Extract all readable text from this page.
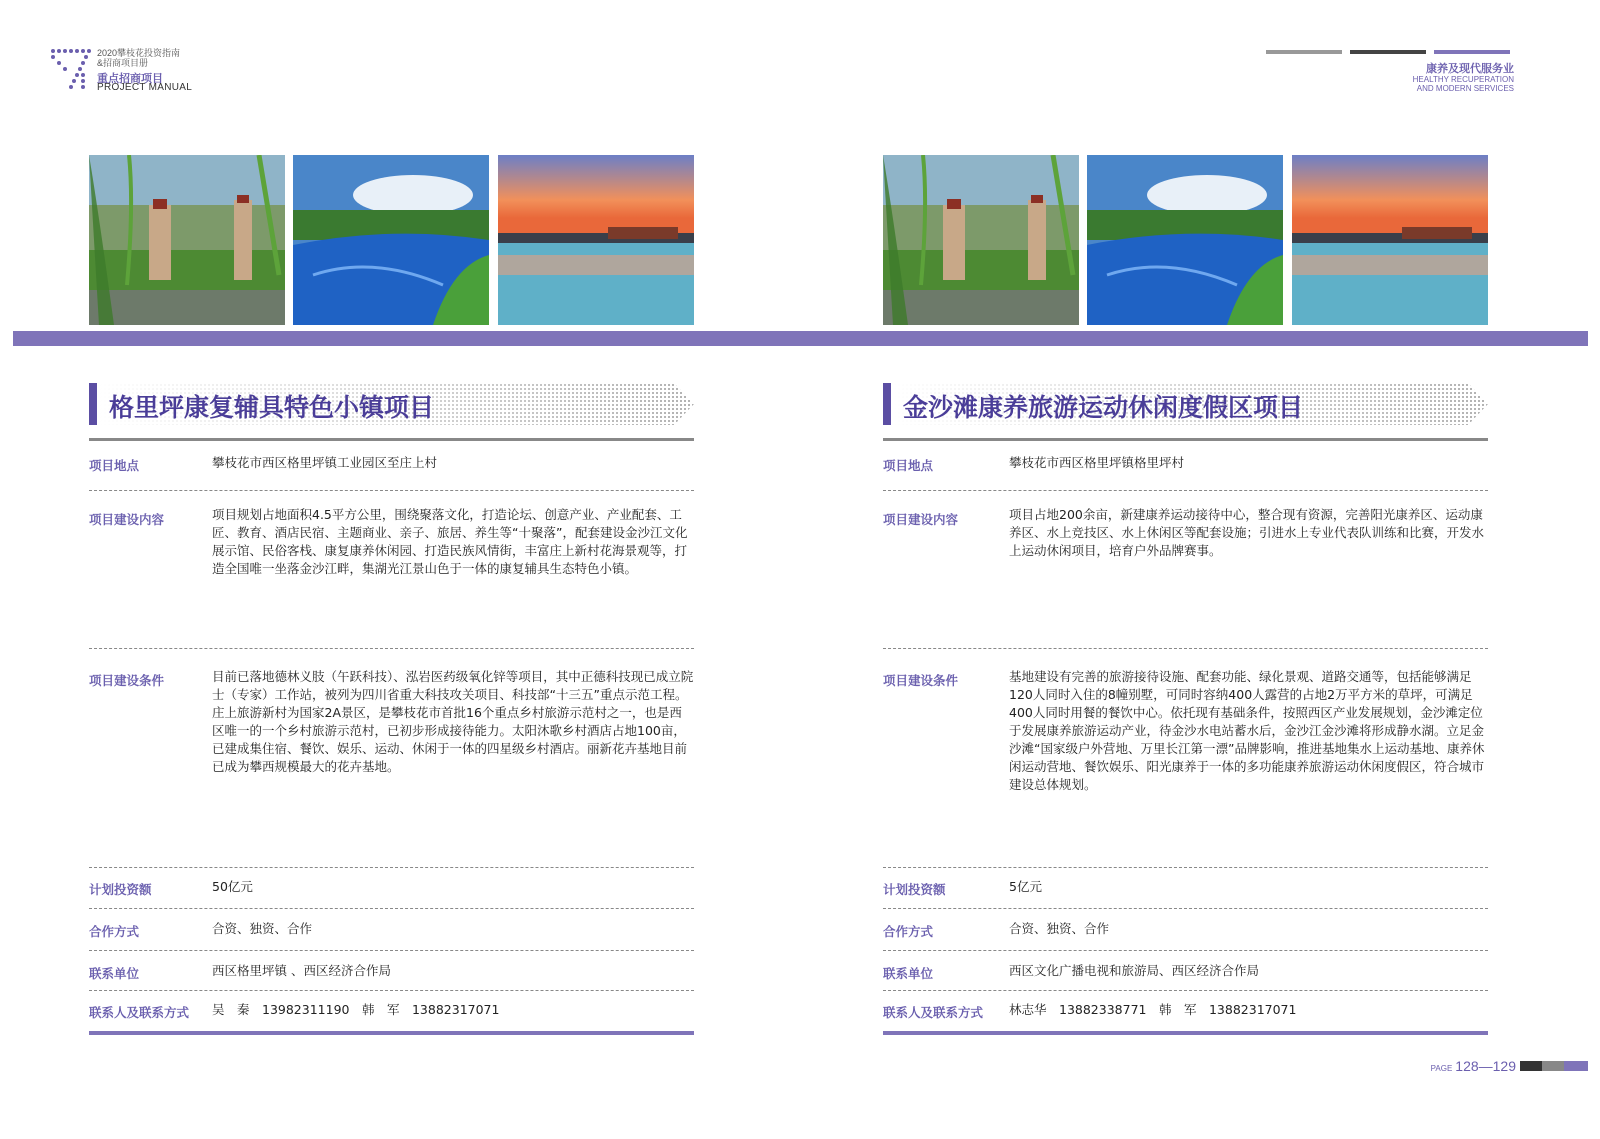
2020攀枝花投资指南
&招商项目册
重点招商项目
PROJECT MANUAL
康养及现代服务业
HEALTHY RECUPERATION
AND MODERN SERVICES
格里坪康复辅具特色小镇项目	金沙滩康养旅游运动休闲度假区项目
项目地点	攀枝花市西区格里坪镇工业园区至庄上村
项目建设内容	项目规划占地面积4.5平方公里，围绕聚落文化，打造论坛、创意产业、产业配套、工匠、教育、酒店民宿、主题商业、亲子、旅居、养生等“十聚落”，配套建设金沙江文化展示馆、民俗客栈、康复康养休闲园、打造民族风情街，丰富庄上新村花海景观等，打造全国唯一坐落金沙江畔，集湖光江景山色于一体的康复辅具生态特色小镇。
项目建设条件	目前已落地德林义肢（午跃科技）、泓岩医药级氧化锌等项目，其中正德科技现已成立院士（专家）工作站，被列为四川省重大科技攻关项目、科技部“十三五”重点示范工程。庄上旅游新村为国家2A景区，是攀枝花市首批16个重点乡村旅游示范村之一，也是西区唯一的一个乡村旅游示范村，已初步形成接待能力。太阳沐歌乡村酒店占地100亩，已建成集住宿、餐饮、娱乐、运动、休闲于一体的四星级乡村酒店。丽新花卉基地目前已成为攀西规模最大的花卉基地。
计划投资额	50亿元
合作方式	合资、独资、合作
联系单位	西区格里坪镇 、西区经济合作局
联系人及联系方式 吴　秦　13982311190　韩　军　13882317071
项目地点	攀枝花市西区格里坪镇格里坪村
项目建设内容	项目占地200余亩，新建康养运动接待中心，整合现有资源，完善阳光康养区、运动康养区、水上竞技区、水上休闲区等配套设施；引进水上专业代表队训练和比赛，开发水上运动休闲项目，培育户外品牌赛事。
项目建设条件	基地建设有完善的旅游接待设施、配套功能、绿化景观、道路交通等，包括能够满足120人同时入住的8幢别墅，可同时容纳400人露营的占地2万平方米的草坪，可满足400人同时用餐的餐饮中心。依托现有基础条件，按照西区产业发展规划，金沙滩定位于发展康养旅游运动产业，待金沙水电站蓄水后，金沙江金沙滩将形成静水湖。立足金沙滩“国家级户外营地、万里长江第一漂”品牌影响，推进基地集水上运动基地、康养休闲运动营地、餐饮娱乐、阳光康养于一体的多功能康养旅游运动休闲度假区，符合城市建设总体规划。
计划投资额	5亿元
合作方式	合资、独资、合作
联系单位	西区文化广播电视和旅游局、西区经济合作局
联系人及联系方式 林志华　13882338771　韩　军　13882317071
PAGE 128—129
